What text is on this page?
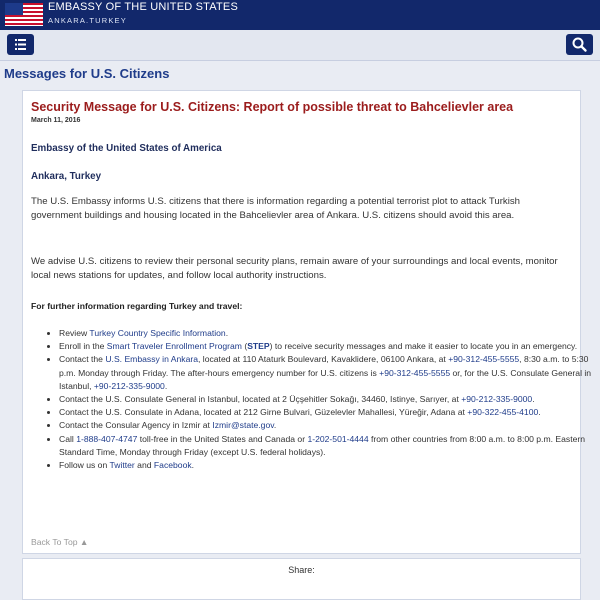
EMBASSY OF THE UNITED STATES
ANKARA.TURKEY
Messages for U.S. Citizens
Security Message for U.S. Citizens: Report of possible threat to Bahcelievler area
March 11, 2016
Embassy of the United States of America
Ankara, Turkey
The U.S. Embassy informs U.S. citizens that there is information regarding a potential terrorist plot to attack Turkish government buildings and housing located in the Bahcelievler area of Ankara. U.S. citizens should avoid this area.
We advise U.S. citizens to review their personal security plans, remain aware of your surroundings and local events, monitor local news stations for updates, and follow local authority instructions.
For further information regarding Turkey and travel:
• Review Turkey Country Specific Information.
• Enroll in the Smart Traveler Enrollment Program (STEP) to receive security messages and make it easier to locate you in an emergency.
• Contact the U.S. Embassy in Ankara, located at 110 Ataturk Boulevard, Kavaklidere, 06100 Ankara, at +90-312-455-5555, 8:30 a.m. to 5:30 p.m. Monday through Friday. The after-hours emergency number for U.S. citizens is +90-312-455-5555 or, for the U.S. Consulate General in Istanbul, +90-212-335-9000.
• Contact the U.S. Consulate General in Istanbul, located at 2 Üçşehitler Sokağı, 34460, Istinye, Sarıyer, at +90-212-335-9000.
• Contact the U.S. Consulate in Adana, located at 212 Girne Bulvari, Güzelevler Mahallesi, Yüreğir, Adana at +90-322-455-4100.
• Contact the Consular Agency in Izmir at Izmir@state.gov.
• Call 1-888-407-4747 toll-free in the United States and Canada or 1-202-501-4444 from other countries from 8:00 a.m. to 8:00 p.m. Eastern Standard Time, Monday through Friday (except U.S. federal holidays).
• Follow us on Twitter and Facebook.
Back To Top ▲
Share:
